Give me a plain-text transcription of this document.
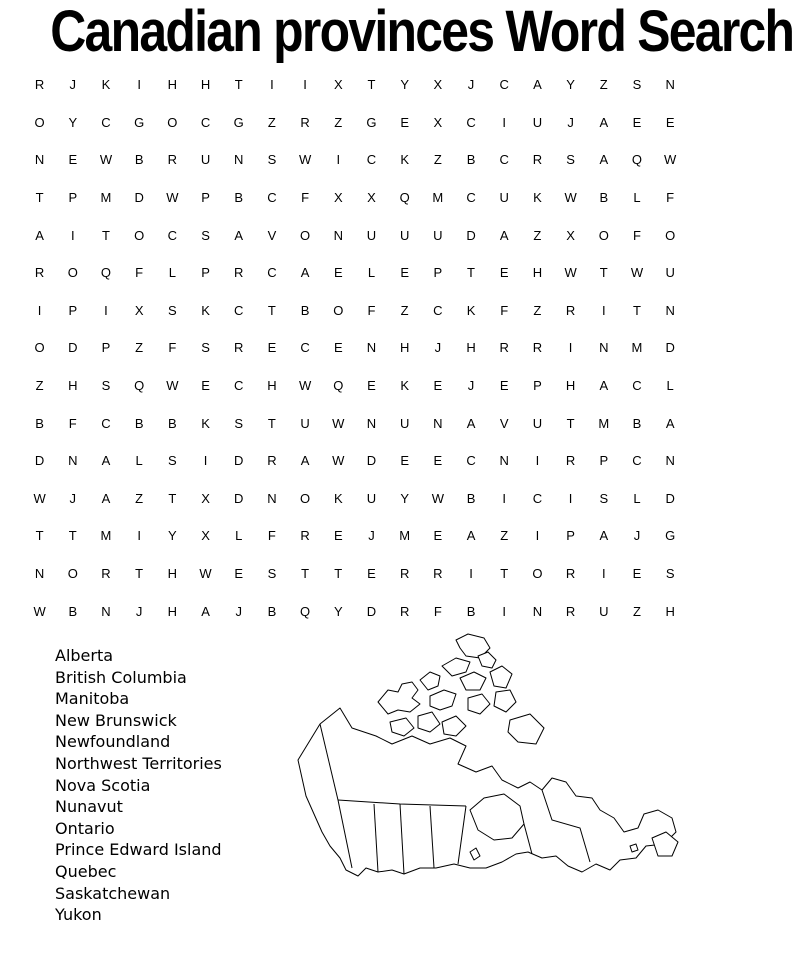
Canadian provinces Word Search
R	J	K	I	H	H	T	I	I	X	T	Y	X	J	C	A	Y	Z	S	N
O	Y	C	G	O	C	G	Z	R	Z	G	E	X	C	I	U	J	A	E	E
N	E	W	B	R	U	N	S	W	I	C	K	Z	B	C	R	S	A	Q	W
T	P	M	D	W	P	B	C	F	X	X	Q	M	C	U	K	W	B	L	F
A	I	T	O	C	S	A	V	O	N	U	U	U	D	A	Z	X	O	F	O
R	O	Q	F	L	P	R	C	A	E	L	E	P	T	E	H	W	T	W	U
I	P	I	X	S	K	C	T	B	O	F	Z	C	K	F	Z	R	I	T	N
O	D	P	Z	F	S	R	E	C	E	N	H	J	H	R	R	I	N	M	D
Z	H	S	Q	W	E	C	H	W	Q	E	K	E	J	E	P	H	A	C	L
B	F	C	B	B	K	S	T	U	W	N	U	N	A	V	U	T	M	B	A
D	N	A	L	S	I	D	R	A	W	D	E	E	C	N	I	R	P	C	N
W	J	A	Z	T	X	D	N	O	K	U	Y	W	B	I	C	I	S	L	D
T	T	M	I	Y	X	L	F	R	E	J	M	E	A	Z	I	P	A	J	G
N	O	R	T	H	W	E	S	T	T	E	R	R	I	T	O	R	I	E	S
W	B	N	J	H	A	J	B	Q	Y	D	R	F	B	I	N	R	U	Z	H
Alberta
British Columbia
Manitoba
New Brunswick
Newfoundland
Northwest Territories
Nova Scotia
Nunavut
Ontario
Prince Edward Island
Quebec
Saskatchewan
Yukon
